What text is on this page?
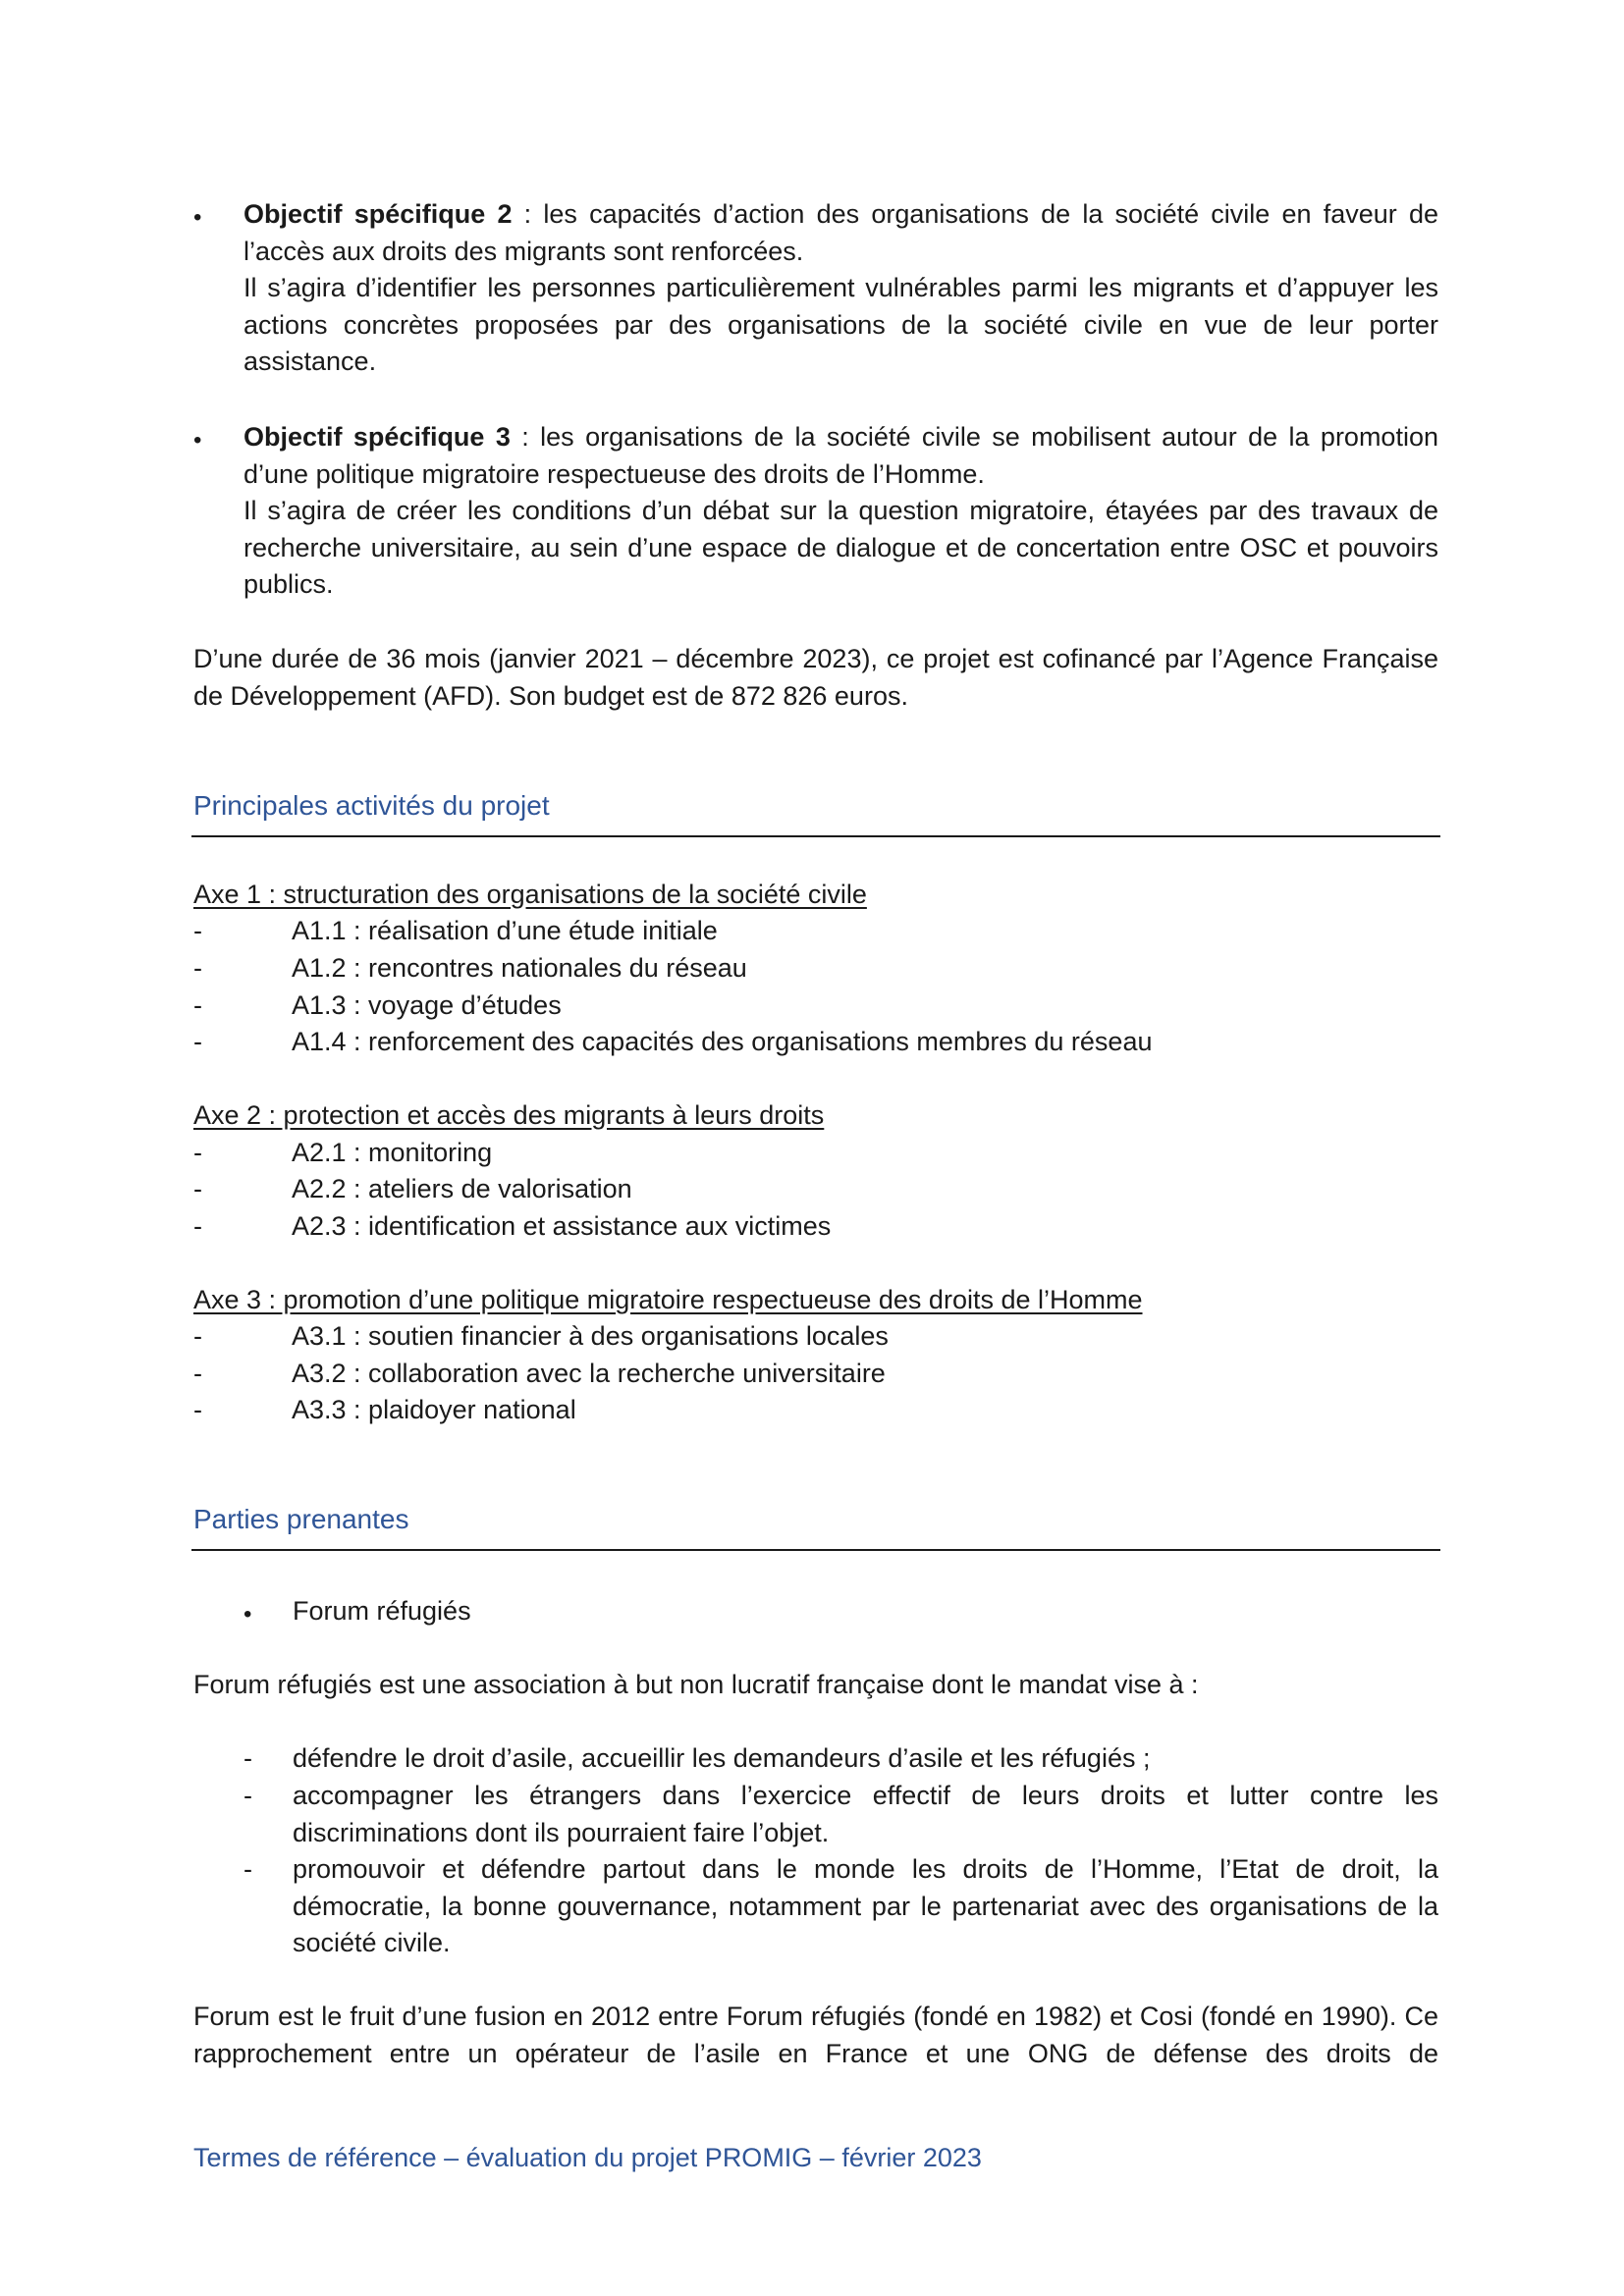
•	Objectif spécifique 2 : les capacités d’action des organisations de la société civile en faveur de l’accès aux droits des migrants sont renforcées.
Il s’agira d’identifier les personnes particulièrement vulnérables parmi les migrants et d’appuyer les actions concrètes proposées par des organisations de la société civile en vue de leur porter assistance.
•	Objectif spécifique 3 : les organisations de la société civile se mobilisent autour de la promotion d’une politique migratoire respectueuse des droits de l’Homme.
Il s’agira de créer les conditions d’un débat sur la question migratoire, étayées par des travaux de recherche universitaire, au sein d’une espace de dialogue et de concertation entre OSC et pouvoirs publics.
D’une durée de 36 mois (janvier 2021 – décembre 2023), ce projet est cofinancé par l’Agence Française de Développement (AFD). Son budget est de 872 826 euros.
Principales activités du projet
Axe 1 : structuration des organisations de la société civile
-	A1.1 : réalisation d’une étude initiale
-	A1.2 : rencontres nationales du réseau
-	A1.3 : voyage d’études
-	A1.4 : renforcement des capacités des organisations membres du réseau
Axe 2 : protection et accès des migrants à leurs droits
-	A2.1 : monitoring
-	A2.2 : ateliers de valorisation
-	A2.3 : identification et assistance aux victimes
Axe 3 : promotion d’une politique migratoire respectueuse des droits de l’Homme
-	A3.1 : soutien financier à des organisations locales
-	A3.2 : collaboration avec la recherche universitaire
-	A3.3 : plaidoyer national
Parties prenantes
•	Forum réfugiés
Forum réfugiés est une association à but non lucratif française dont le mandat vise à :
- défendre le droit d’asile, accueillir les demandeurs d’asile et les réfugiés ;
- accompagner les étrangers dans l’exercice effectif de leurs droits et lutter contre les discriminations dont ils pourraient faire l’objet.
- promouvoir et défendre partout dans le monde les droits de l’Homme, l’Etat de droit, la démocratie, la bonne gouvernance, notamment par le partenariat avec des organisations de la société civile.
Forum est le fruit d’une fusion en 2012 entre Forum réfugiés (fondé en 1982) et Cosi (fondé en 1990). Ce rapprochement entre un opérateur de l’asile en France et une ONG de défense des droits de
Termes de référence – évaluation du projet PROMIG – février 2023
